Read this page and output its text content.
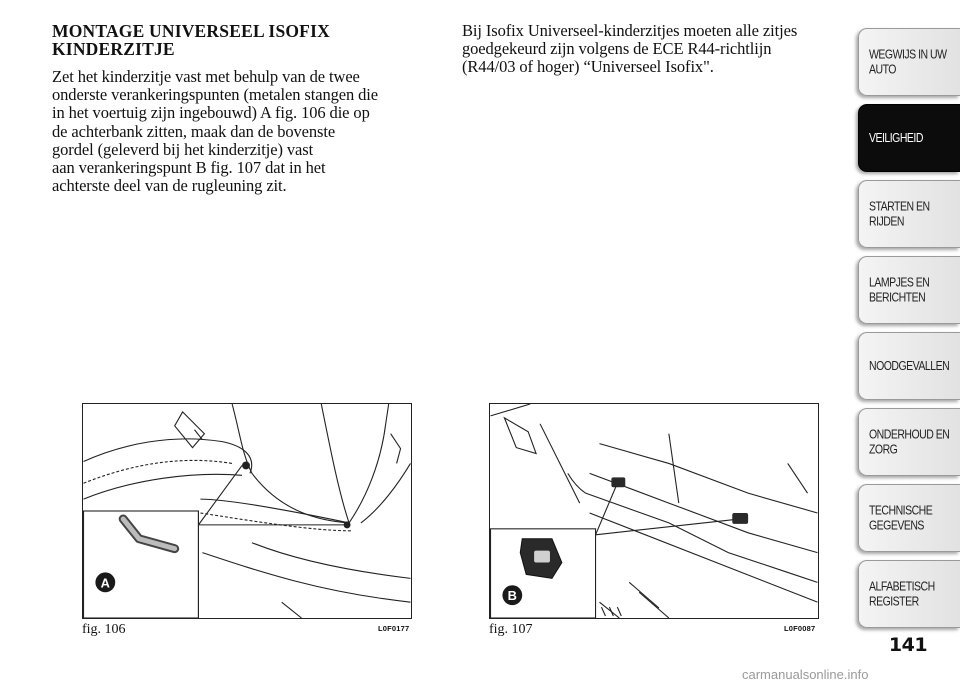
MONTAGE UNIVERSEEL ISOFIX
KINDERZITJE

Zet het kinderzitje vast met behulp van de twee
onderste verankeringspunten (metalen stangen die
in het voertuig zijn ingebouwd) A fig. 106 die op
de achterbank zitten, maak dan de bovenste
gordel (geleverd bij het kinderzitje) vast
aan verankeringspunt B fig. 107 dat in het
achterste deel van de rugleuning zit.

Bij Isofix Universeel-kinderzitjes moeten alle zitjes
goedgekeurd zijn volgens de ECE R44-richtlijn
(R44/03 of hoger) “Universeel Isofix".

A
fig. 106	L0F0177
B
fig. 107	L0F0087
WEGWIJS IN UW
AUTO
VEILIGHEID
STARTEN EN
RIJDEN
LAMPJES EN
BERICHTEN
NOODGEVALLEN
ONDERHOUD EN
ZORG
TECHNISCHE
GEGEVENS
ALFABETISCH
REGISTER
141
carmanualsonline.info
